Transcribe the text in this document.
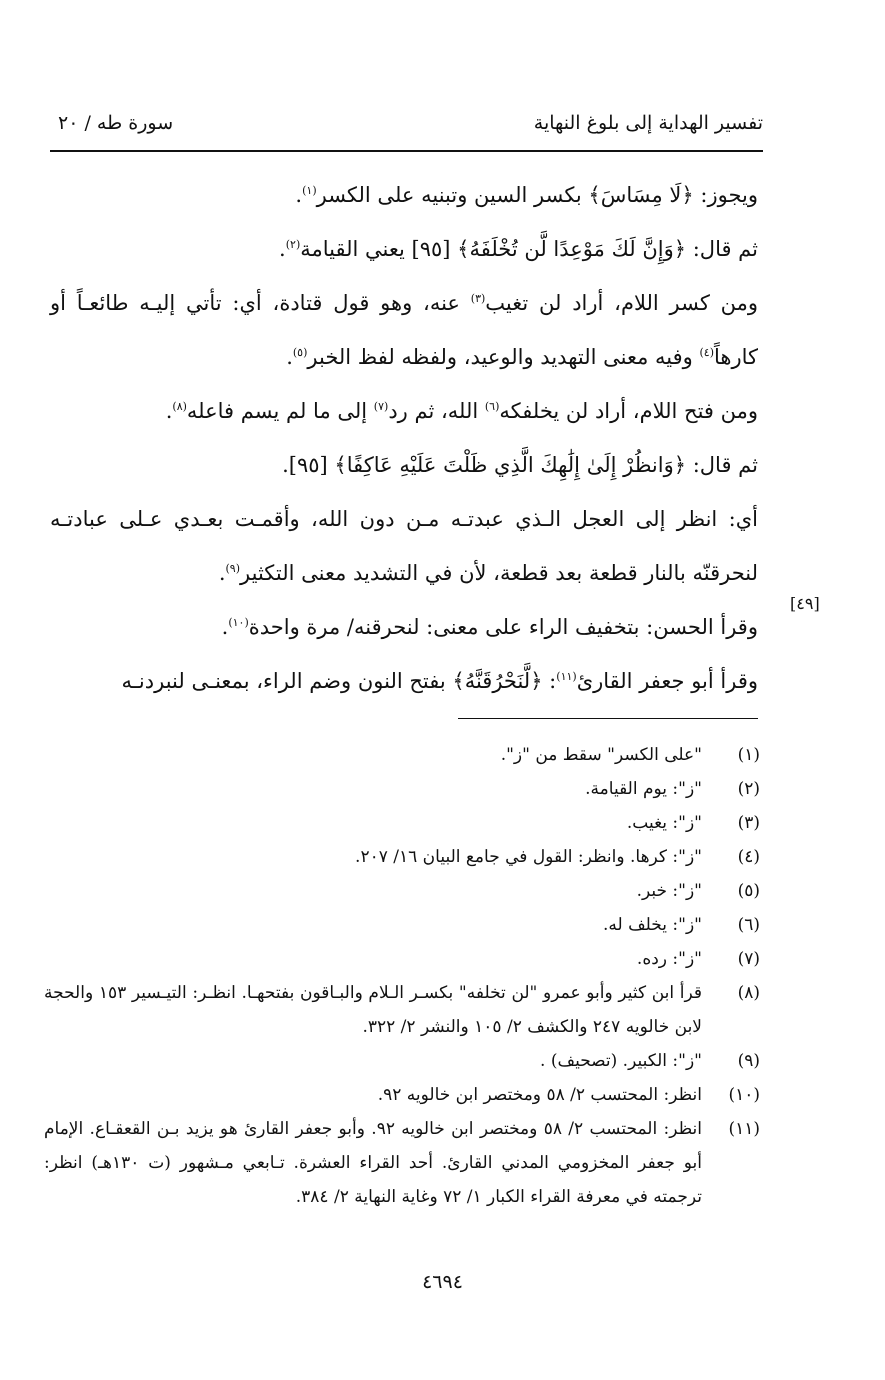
تفسير الهداية إلى بلوغ النهاية
سورة طه / ٢٠

ويجوز: ﴿لَا مِسَاسَ﴾ بكسر السين وتبنيه على الكسر$^{(١)}$.

ثم قال: ﴿وَإِنَّ لَكَ مَوْعِدًا لَّن تُخْلَفَهُ﴾ [٩٥] يعني القيامة$^{(٢)}$.

ومن كسر اللام، أراد لن تغيب$^{(٣)}$ عنه، وهو قول قتادة، أي: تأتي إليـه طائعـاً أو كارهاً$^{(٤)}$ وفيه معنى التهديد والوعيد، ولفظه لفظ الخبر$^{(٥)}$.

ومن فتح اللام، أراد لن يخلفكه$^{(٦)}$ الله، ثم رد$^{(٧)}$ إلى ما لم يسم فاعله$^{(٨)}$.

ثم قال: ﴿وَانظُرْ إِلَىٰ إِلَٰهِكَ الَّذِي ظَلْتَ عَلَيْهِ عَاكِفًا﴾ [٩٥].

أي: انظر إلى العجل الـذي عبدتـه مـن دون الله، وأقمـت بعـدي عـلى عبادتـه لنحرقنّه بالنار قطعة بعد قطعة، لأن في التشديد معنى التكثير$^{(٩)}$.

وقرأ الحسن: بتخفيف الراء على معنى: لنحرقنه/ مرة واحدة$^{(١٠)}$.

وقرأ أبو جعفر القارئ$^{(١١)}$: ﴿لَّنَحْرُقَنَّهُ﴾ بفتح النون وضم الراء، بمعنـى لنبردنـه

[٤٩]
(١)
"على الكسر" سقط من "ز".
(٢)
"ز": يوم القيامة.
(٣)
"ز": يغيب.
(٤)
"ز": كرها. وانظر: القول في جامع البيان ١٦/ ٢٠٧.
(٥)
"ز": خبر.
(٦)
"ز": يخلف له.
(٧)
"ز": رده.
(٨)
قرأ ابن كثير وأبو عمرو "لن تخلفه" بكسـر الـلام والبـاقون بفتحهـا. انظـر: التيـسير ١٥٣ والحجة لابن خالويه ٢٤٧ والكشف ٢/ ١٠٥ والنشر ٢/ ٣٢٢.
(٩)
"ز": الكبير. (تصحيف) .
(١٠)
انظر: المحتسب ٢/ ٥٨ ومختصر ابن خالويه ٩٢.
(١١)
انظر: المحتسب ٢/ ٥٨ ومختصر ابن خالويه ٩٢. وأبو جعفر القارئ هو يزيد بـن القعقـاع. الإمام أبو جعفر المخزومي المدني القارئ. أحد القراء العشرة. تـابعي مـشهور (ت ١٣٠هـ) انظر: ترجمته في معرفة القراء الكبار ١/ ٧٢ وغاية النهاية ٢/ ٣٨٤.
٤٦٩٤
